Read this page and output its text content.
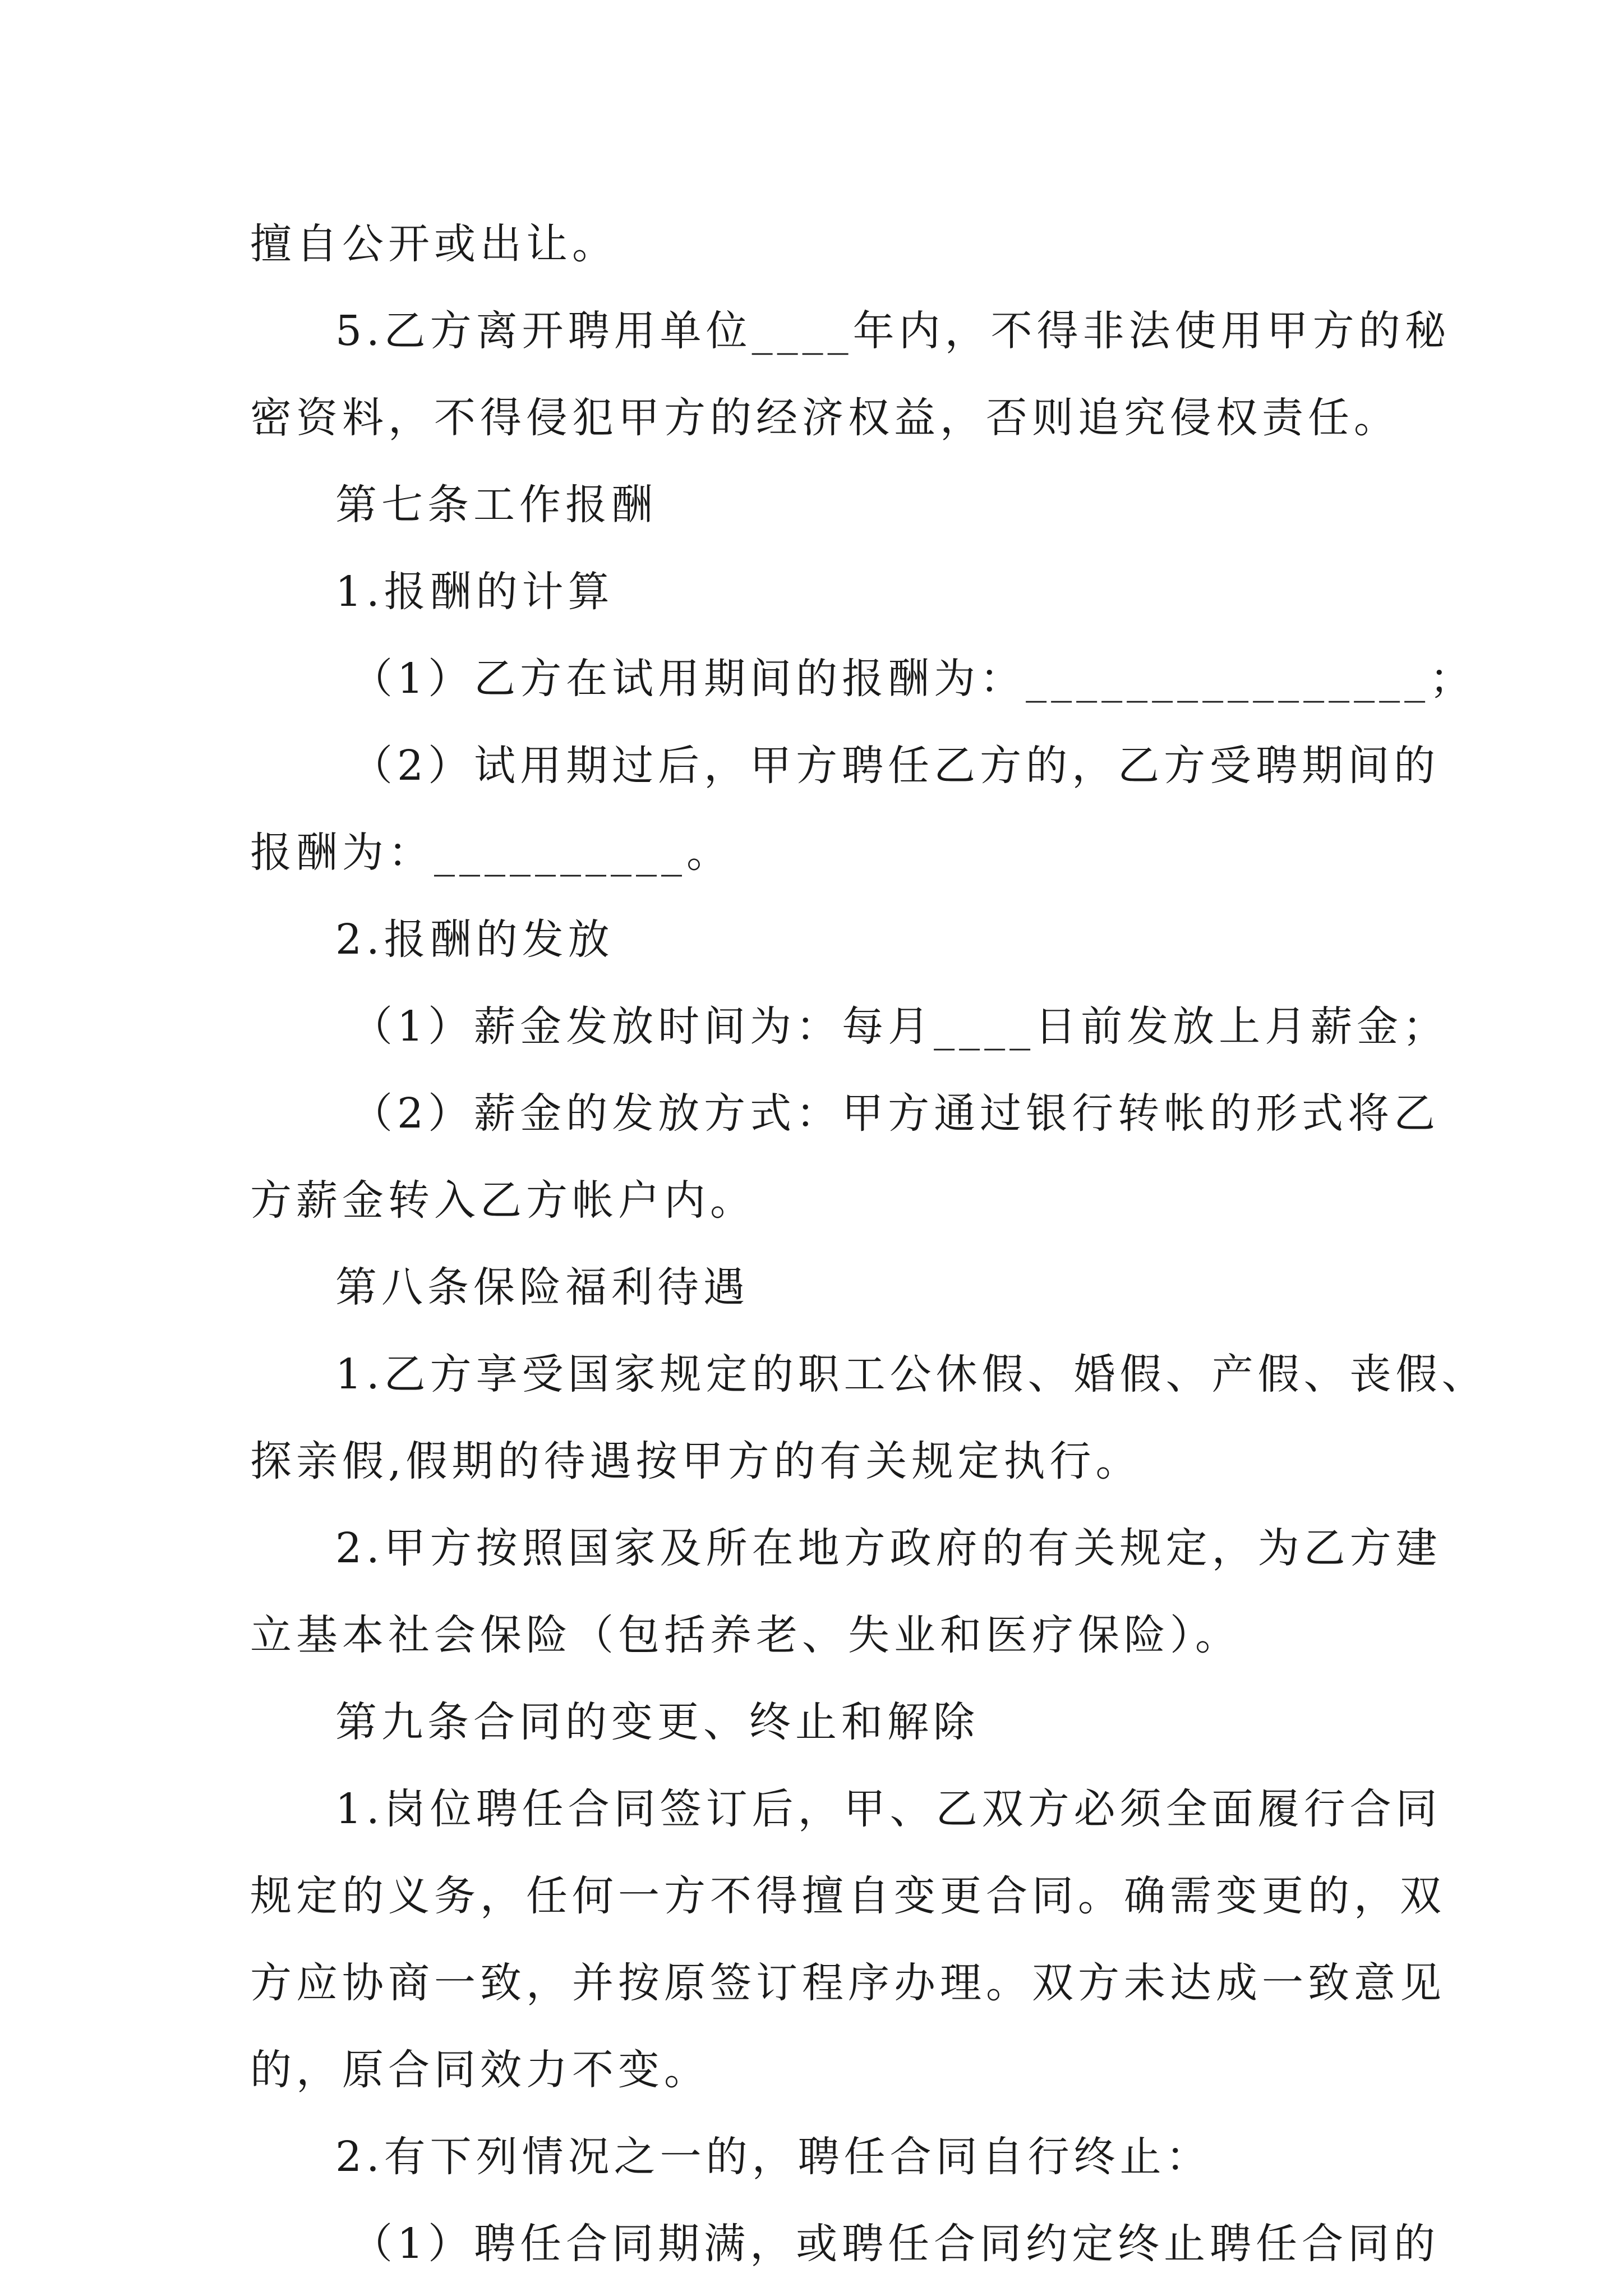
擅自公开或出让。
5.乙方离开聘用单位____年内，不得非法使用甲方的秘
密资料，不得侵犯甲方的经济权益，否则追究侵权责任。
第七条工作报酬
1.报酬的计算
（1）乙方在试用期间的报酬为：________________；
（2）试用期过后，甲方聘任乙方的，乙方受聘期间的
报酬为：__________。
2.报酬的发放
（1）薪金发放时间为：每月____日前发放上月薪金；
（2）薪金的发放方式：甲方通过银行转帐的形式将乙
方薪金转入乙方帐户内。
第八条保险福利待遇
1.乙方享受国家规定的职工公休假、婚假、产假、丧假、
探亲假,假期的待遇按甲方的有关规定执行。
2.甲方按照国家及所在地方政府的有关规定，为乙方建
立基本社会保险（包括养老、失业和医疗保险）。
第九条合同的变更、终止和解除
1.岗位聘任合同签订后，甲、乙双方必须全面履行合同
规定的义务，任何一方不得擅自变更合同。确需变更的，双
方应协商一致，并按原签订程序办理。双方未达成一致意见
的，原合同效力不变。
2.有下列情况之一的，聘任合同自行终止：
（1）聘任合同期满，或聘任合同约定终止聘任合同的
